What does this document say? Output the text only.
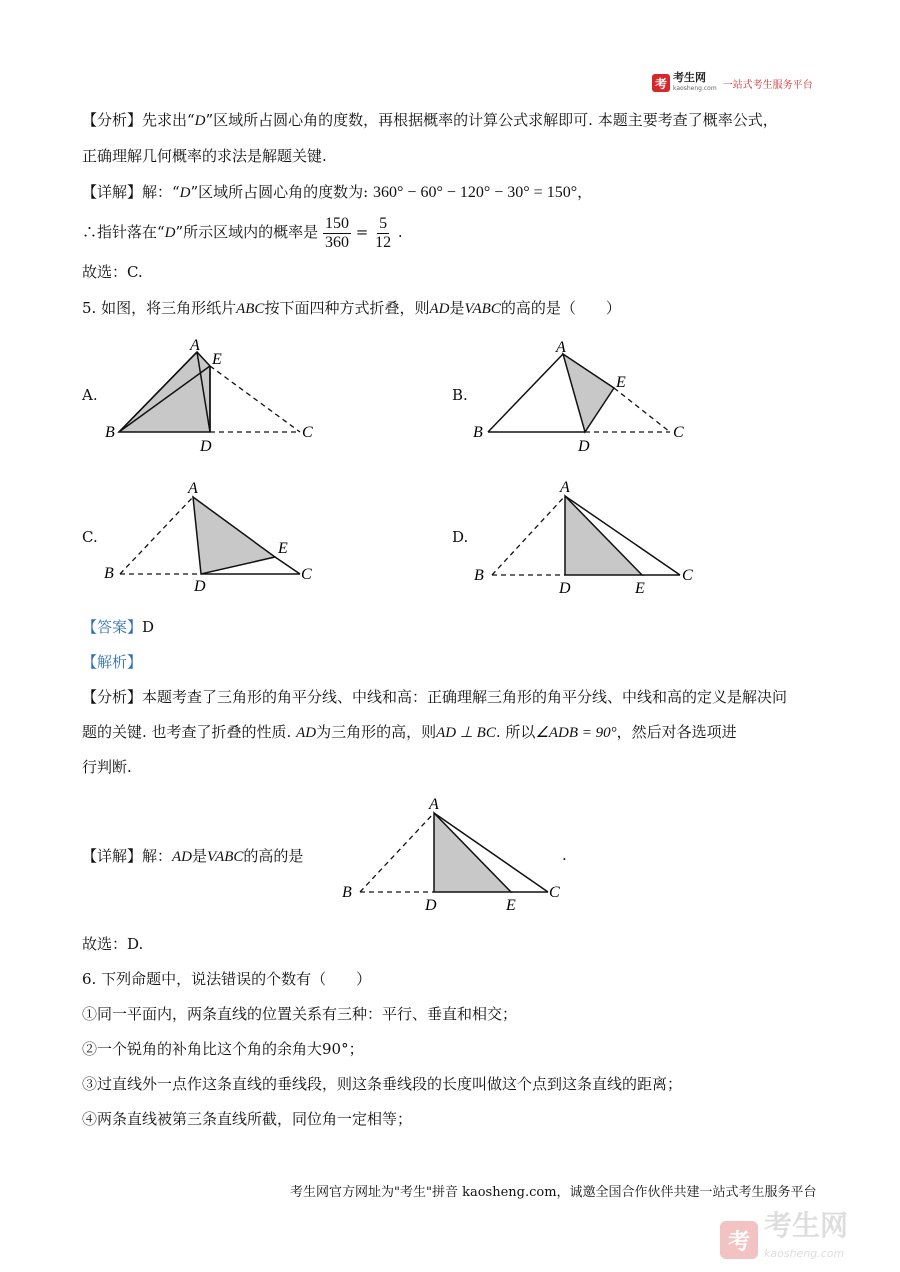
考 考生网
kaosheng.com 一站式考生服务平台
【分析】先求出“D”区域所占圆心角的度数，再根据概率的计算公式求解即可. 本题主要考查了概率公式，
正确理解几何概率的求法是解题关键.
【详解】解：“D”区域所占圆心角的度数为: 360° − 60° − 120° − 30° = 150°，
∴指针落在“D”所示区域内的概率是 $\frac{150}{360} = \frac{5}{12}$ .
故选：C.
5. 如图，将三角形纸片ABC按下面四种方式折叠，则AD是VABC的高的是（　　）
A.	B.
C.	D.
A
E
B
D
C
A
E
B
D
C
A
E
B
D
C
A
B
D	E
C
【答案】D
【解析】
【分析】本题考查了三角形的角平分线、中线和高：正确理解三角形的角平分线、中线和高的定义是解决问
题的关键. 也考查了折叠的性质. AD为三角形的高，则AD ⊥ BC. 所以∠ADB = 90°，然后对各选项进
行判断.
【详解】解：AD是VABC的高的是
A
B
D	E
C
.
故选：D.
6. 下列命题中，说法错误的个数有（　　）
①同一平面内，两条直线的位置关系有三种：平行、垂直和相交；
②一个锐角的补角比这个角的余角大90°；
③过直线外一点作这条直线的垂线段，则这条垂线段的长度叫做这个点到这条直线的距离；
④两条直线被第三条直线所截，同位角一定相等；
考生网官方网址为"考生"拼音 kaosheng.com，诚邀全国合作伙伴共建一站式考生服务平台
考 考生网
kaosheng.com
